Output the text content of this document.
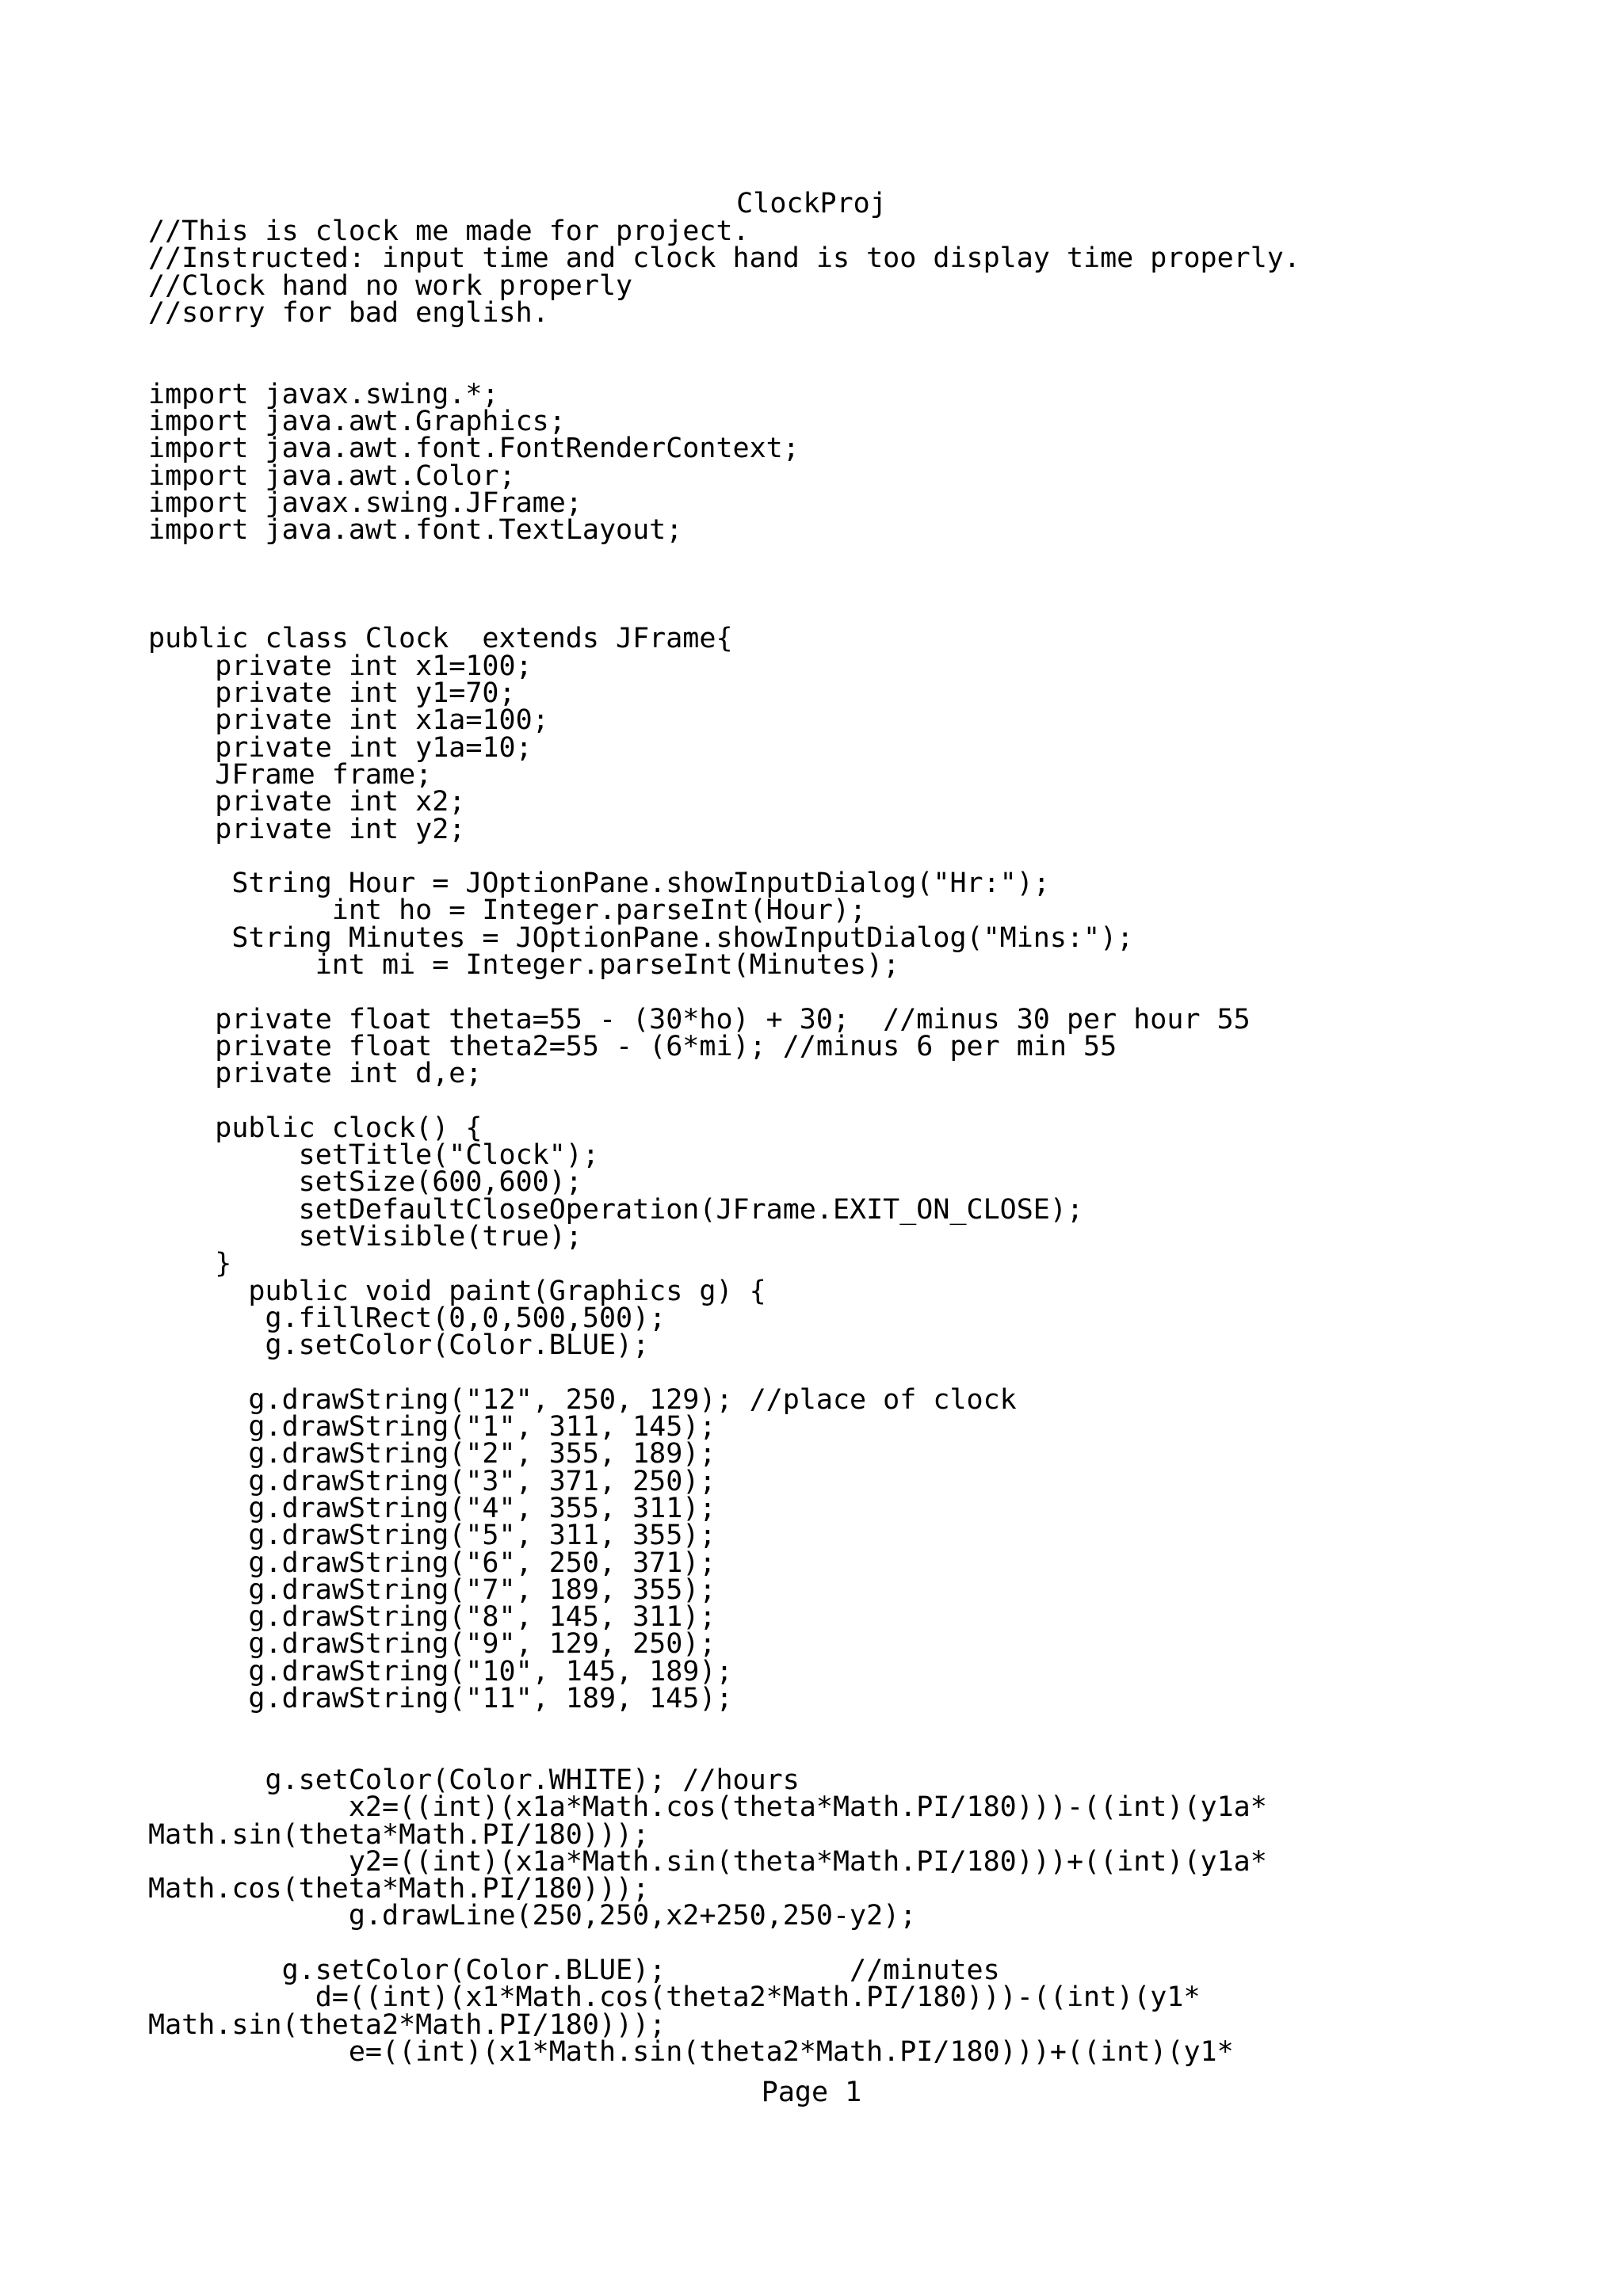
ClockProj
//This is clock me made for project.
//Instructed: input time and clock hand is too display time properly.
//Clock hand no work properly
//sorry for bad english.
import javax.swing.*;
import java.awt.Graphics;
import java.awt.font.FontRenderContext;
import java.awt.Color;
import javax.swing.JFrame;
import java.awt.font.TextLayout;
public class Clock  extends JFrame{
private int x1=100;
private int y1=70;
private int x1a=100;
private int y1a=10;
JFrame frame;
private int x2;
private int y2;
String Hour = JOptionPane.showInputDialog("Hr:");
int ho = Integer.parseInt(Hour);
String Minutes = JOptionPane.showInputDialog("Mins:");
int mi = Integer.parseInt(Minutes);
private float theta=55 - (30*ho) + 30;  //minus 30 per hour 55
private float theta2=55 - (6*mi); //minus 6 per min 55
private int d,e;
public clock() {
setTitle("Clock");
setSize(600,600);
setDefaultCloseOperation(JFrame.EXIT_ON_CLOSE);
setVisible(true);
}
public void paint(Graphics g) {
g.fillRect(0,0,500,500);
g.setColor(Color.BLUE);
g.drawString("12", 250, 129); //place of clock
g.drawString("1", 311, 145);
g.drawString("2", 355, 189);
g.drawString("3", 371, 250);
g.drawString("4", 355, 311);
g.drawString("5", 311, 355);
g.drawString("6", 250, 371);
g.drawString("7", 189, 355);
g.drawString("8", 145, 311);
g.drawString("9", 129, 250);
g.drawString("10", 145, 189);
g.drawString("11", 189, 145);
g.setColor(Color.WHITE); //hours
x2=((int)(x1a*Math.cos(theta*Math.PI/180)))-((int)(y1a*
Math.sin(theta*Math.PI/180)));
y2=((int)(x1a*Math.sin(theta*Math.PI/180)))+((int)(y1a*
Math.cos(theta*Math.PI/180)));
g.drawLine(250,250,x2+250,250-y2);
g.setColor(Color.BLUE);           //minutes
d=((int)(x1*Math.cos(theta2*Math.PI/180)))-((int)(y1*
Math.sin(theta2*Math.PI/180)));
e=((int)(x1*Math.sin(theta2*Math.PI/180)))+((int)(y1*
Page 1
